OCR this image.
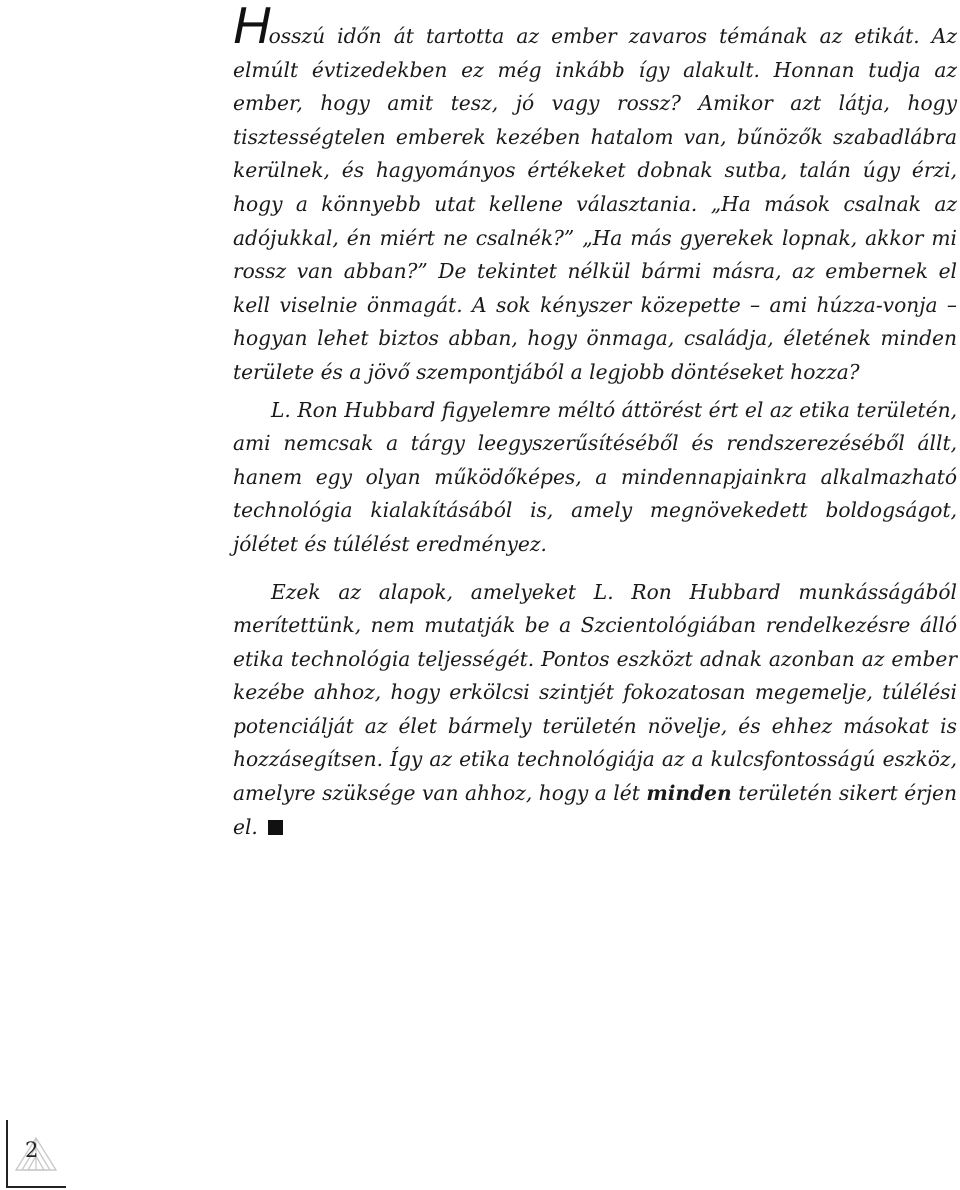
Hosszú időn át tartotta az ember zavaros témának az etikát. Az elmúlt évtizedekben ez még inkább így alakult. Honnan tudja az ember, hogy amit tesz, jó vagy rossz? Amikor azt látja, hogy tisztességtelen emberek kezében hatalom van, bűnözők szabadlábra kerülnek, és hagyományos értékeket dobnak sutba, talán úgy érzi, hogy a könnyebb utat kellene választania. „Ha mások csalnak az adójukkal, én miért ne csalnék?” „Ha más gyerekek lopnak, akkor mi rossz van abban?” De tekintet nélkül bármi másra, az embernek el kell viselnie önmagát. A sok kényszer közepette – ami húzza-vonja – hogyan lehet biztos abban, hogy önmaga, családja, életének minden területe és a jövő szempontjából a legjobb döntéseket hozza?

L. Ron Hubbard figyelemre méltó áttörést ért el az etika területén, ami nemcsak a tárgy leegyszerűsítéséből és rendszerezéséből állt, hanem egy olyan működőképes, a mindennapjainkra alkalmazható technológia kialakításából is, amely megnövekedett boldogságot, jólétet és túlélést eredményez.

Ezek az alapok, amelyeket L. Ron Hubbard munkásságából merítettünk, nem mutatják be a Szcientológiában rendelkezésre álló etika technológia teljességét. Pontos eszközt adnak azonban az ember kezébe ahhoz, hogy erkölcsi szintjét fokozatosan megemelje, túlélési potenciálját az élet bármely területén növelje, és ehhez másokat is hozzásegítsen. Így az etika technológiája az a kulcsfontosságú eszköz, amelyre szüksége van ahhoz, hogy a lét minden területén sikert érjen el.

2
